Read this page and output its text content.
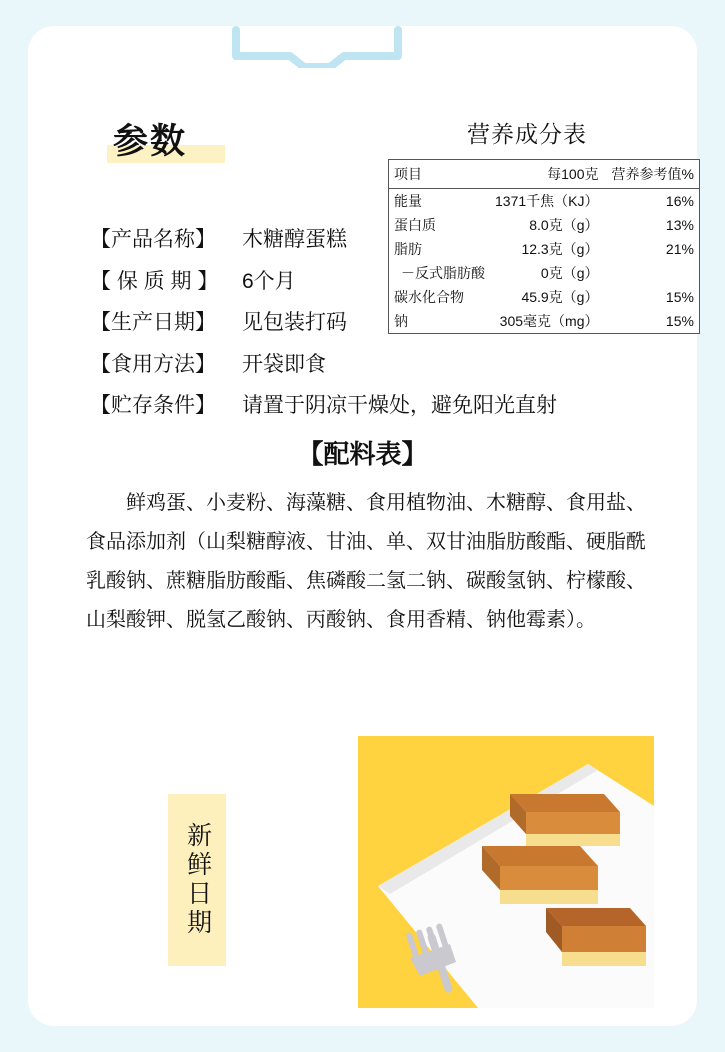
参数	营养成分表
项目	每100克	营养参考值%
能量	1371千焦（KJ）	16%
蛋白质	8.0克（g）	13%
脂肪	12.3克（g）	21%
－反式脂肪酸	0克（g）	
碳水化合物	45.9克（g）	15%
钠	305毫克（mg）	15%
【产品名称】	木糖醇蛋糕
【 保 质 期 】	6个月
【生产日期】	见包装打码
【食用方法】	开袋即食
【贮存条件】	请置于阴凉干燥处，避免阳光直射
【配料表】
鲜鸡蛋、小麦粉、海藻糖、食用植物油、木糖醇、食用盐、食品添加剂（山梨糖醇液、甘油、单、双甘油脂肪酸酯、硬脂酰乳酸钠、蔗糖脂肪酸酯、焦磷酸二氢二钠、碳酸氢钠、柠檬酸、山梨酸钾、脱氢乙酸钠、丙酸钠、食用香精、钠他霉素）。
新鲜日期
